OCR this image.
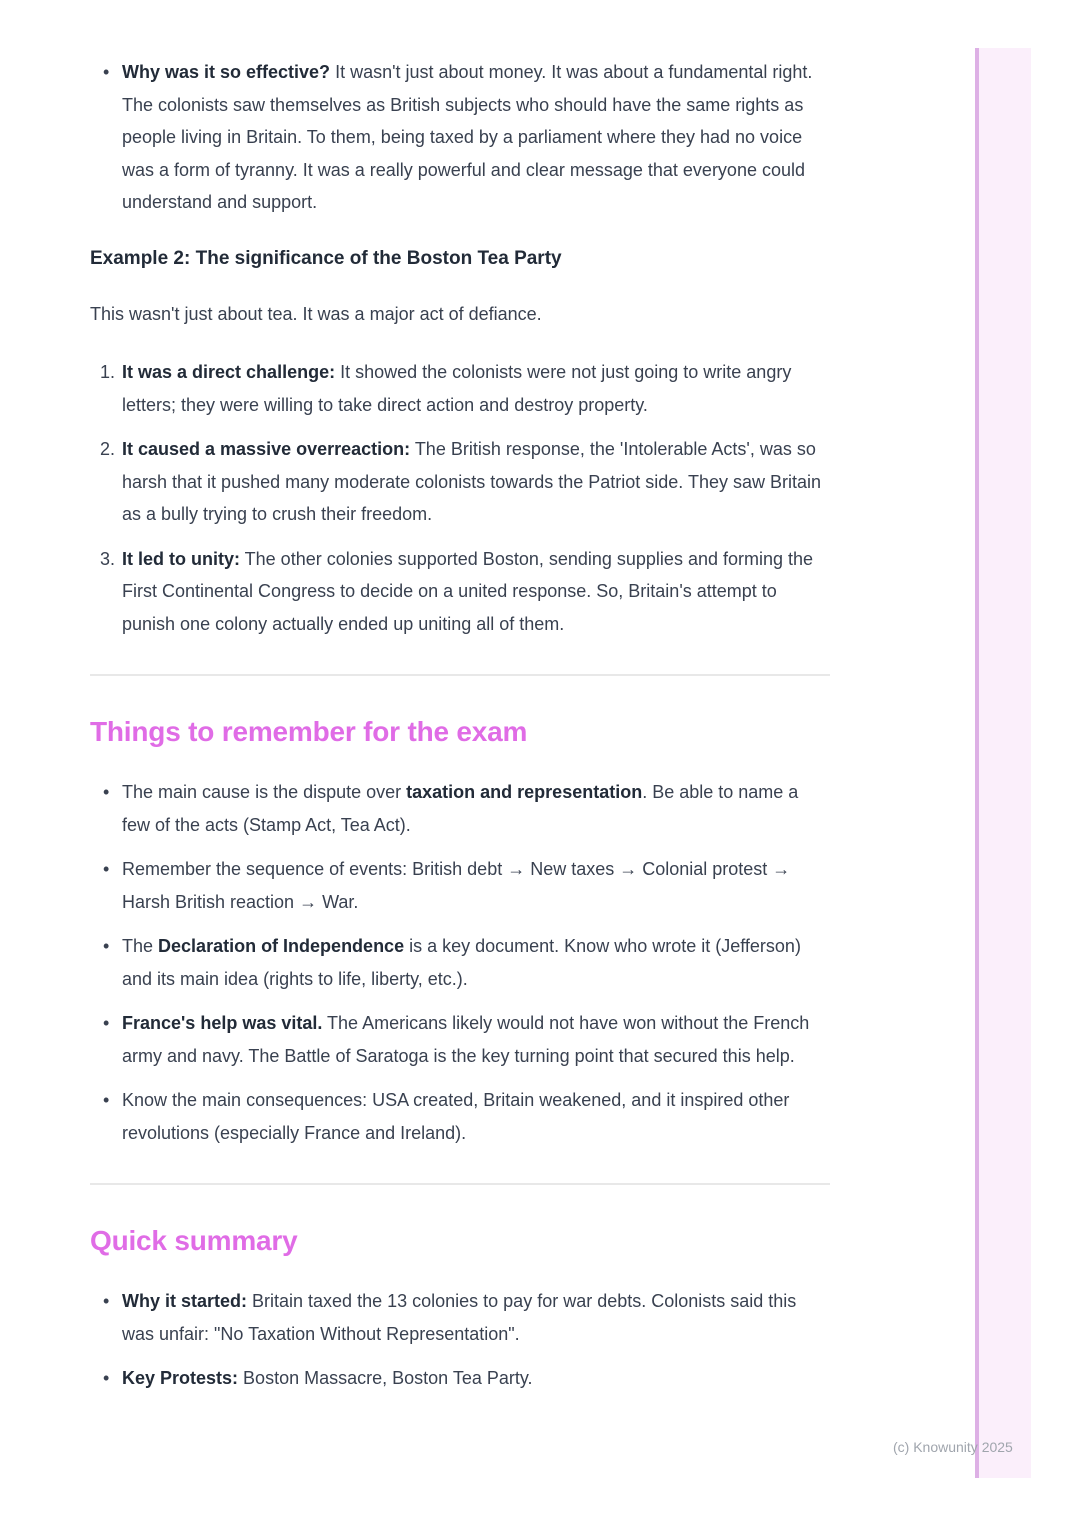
• Why was it so effective? It wasn't just about money. It was about a fundamental right. The colonists saw themselves as British subjects who should have the same rights as people living in Britain. To them, being taxed by a parliament where they had no voice was a form of tyranny. It was a really powerful and clear message that everyone could understand and support.
Example 2: The significance of the Boston Tea Party

This wasn't just about tea. It was a major act of defiance.

It was a direct challenge: It showed the colonists were not just going to write angry letters; they were willing to take direct action and destroy property.
It caused a massive overreaction: The British response, the 'Intolerable Acts', was so harsh that it pushed many moderate colonists towards the Patriot side. They saw Britain as a bully trying to crush their freedom.
It led to unity: The other colonies supported Boston, sending supplies and forming the First Continental Congress to decide on a united response. So, Britain's attempt to punish one colony actually ended up uniting all of them.
Things to remember for the exam
• The main cause is the dispute over taxation and representation. Be able to name a few of the acts (Stamp Act, Tea Act).
• Remember the sequence of events: British debt → New taxes → Colonial protest → Harsh British reaction → War.
• The Declaration of Independence is a key document. Know who wrote it (Jefferson) and its main idea (rights to life, liberty, etc.).
• France's help was vital. The Americans likely would not have won without the French army and navy. The Battle of Saratoga is the key turning point that secured this help.
• Know the main consequences: USA created, Britain weakened, and it inspired other revolutions (especially France and Ireland).
Quick summary
• Why it started: Britain taxed the 13 colonies to pay for war debts. Colonists said this was unfair: "No Taxation Without Representation".
• Key Protests: Boston Massacre, Boston Tea Party.
(c) Knowunity 2025
